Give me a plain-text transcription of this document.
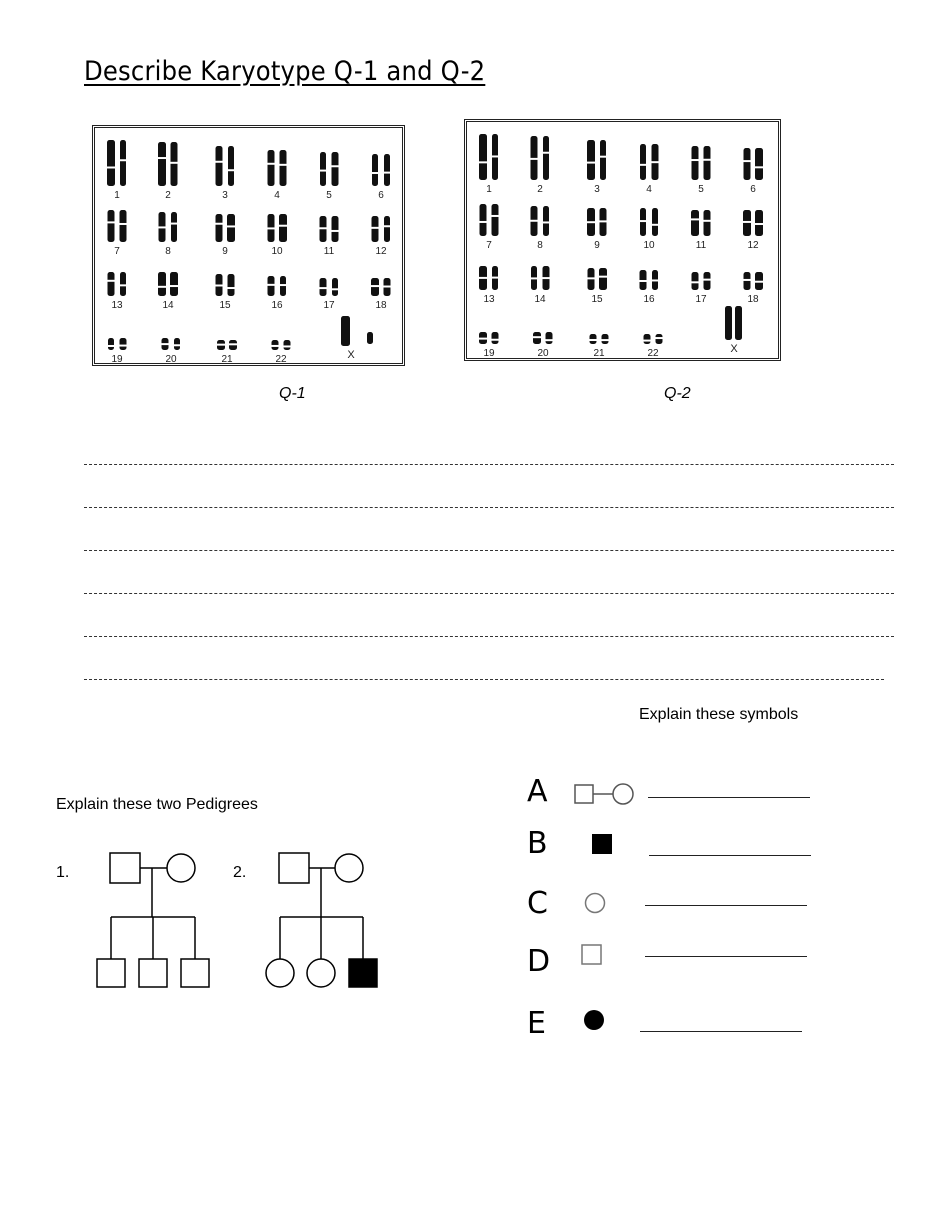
Describe Karyotype Q-1 and Q-2
1	2	3	4	5	6
7	8	9	10	11	12
13	14	15	16	17	18
19	20	21	22	X
Q-1
1	2	3	4	5	6
7	8	9	10	11	12
13	14	15	16	17	18
19	20	21	22	X
Q-2
Explain these symbols
A
B
C
D
E
Explain these two Pedigrees
1.	2.
